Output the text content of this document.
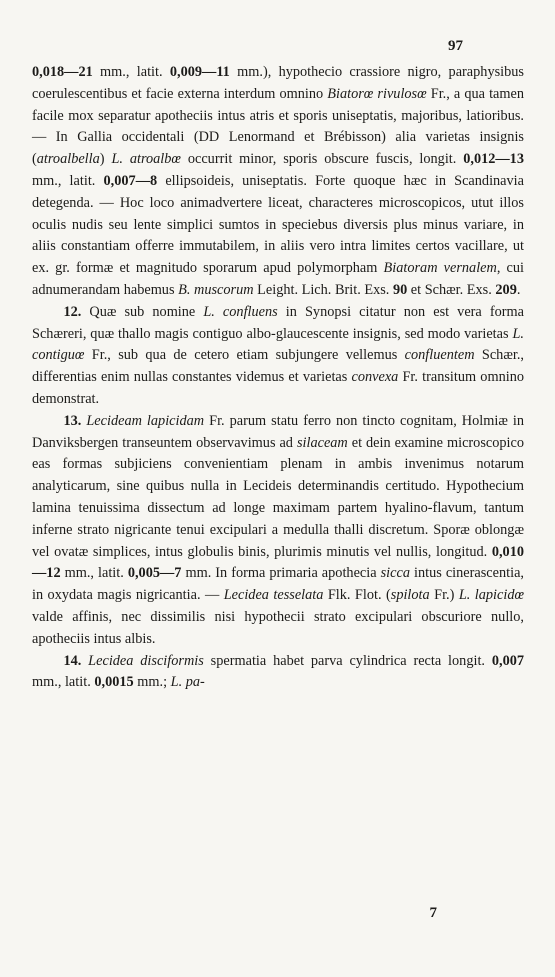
97

0,018—21 mm., latit. 0,009—11 mm.), hypothecio crassiore nigro, paraphysibus coerulescentibus et facie externa interdum omnino Biatorœ rivulosœ Fr., a qua tamen facile mox separatur apotheciis intus atris et sporis uniseptatis, majoribus, latioribus. — In Gallia occidentali (DD Lenormand et Brébisson) alia varietas insignis (atroalbella) L. atroalbœ occurrit minor, sporis obscure fuscis, longit. 0,012—13 mm., latit. 0,007—8 ellipsoideis, uniseptatis. Forte quoque hæc in Scandinavia detegenda. — Hoc loco animadvertere liceat, characteres microscopicos, utut illos oculis nudis seu lente simplici sumtos in speciebus diversis plus minus variare, in aliis constantiam offerre immutabilem, in aliis vero intra limites certos vacillare, ut ex. gr. formæ et magnitudo sporarum apud polymorpham Biatoram vernalem, cui adnumerandam habemus B. muscorum Leight. Lich. Brit. Exs. 90 et Schær. Exs. 209.

12. Quæ sub nomine L. confluens in Synopsi citatur non est vera forma Schæreri, quæ thallo magis contiguo albo-glaucescente insignis, sed modo varietas L. contiguœ Fr., sub qua de cetero etiam subjungere vellemus confluentem Schær., differentias enim nullas constantes videmus et varietas convexa Fr. transitum omnino demonstrat.

13. Lecideam lapicidam Fr. parum statu ferro non tincto cognitam, Holmiæ in Danviksbergen transeuntem observavimus ad silaceam et dein examine microscopico eas formas subjiciens convenientiam plenam in ambis invenimus notarum analyticarum, sine quibus nulla in Lecideis determinandis certitudo. Hypothecium lamina tenuissima dissectum ad longe maximam partem hyalino-flavum, tantum inferne strato nigricante tenui excipulari a medulla thalli discretum. Sporæ oblongæ vel ovatæ simplices, intus globulis binis, plurimis minutis vel nullis, longitud. 0,010—12 mm., latit. 0,005—7 mm. In forma primaria apothecia sicca intus cinerascentia, in oxydata magis nigricantia. — Lecidea tesselata Flk. Flot. (spilota Fr.) L. lapicidœ valde affinis, nec dissimilis nisi hypothecii strato excipulari obscuriore nullo, apotheciis intus albis.

14. Lecidea disciformis spermatia habet parva cylindrica recta longit. 0,007 mm., latit. 0,0015 mm.; L. pa-

7
